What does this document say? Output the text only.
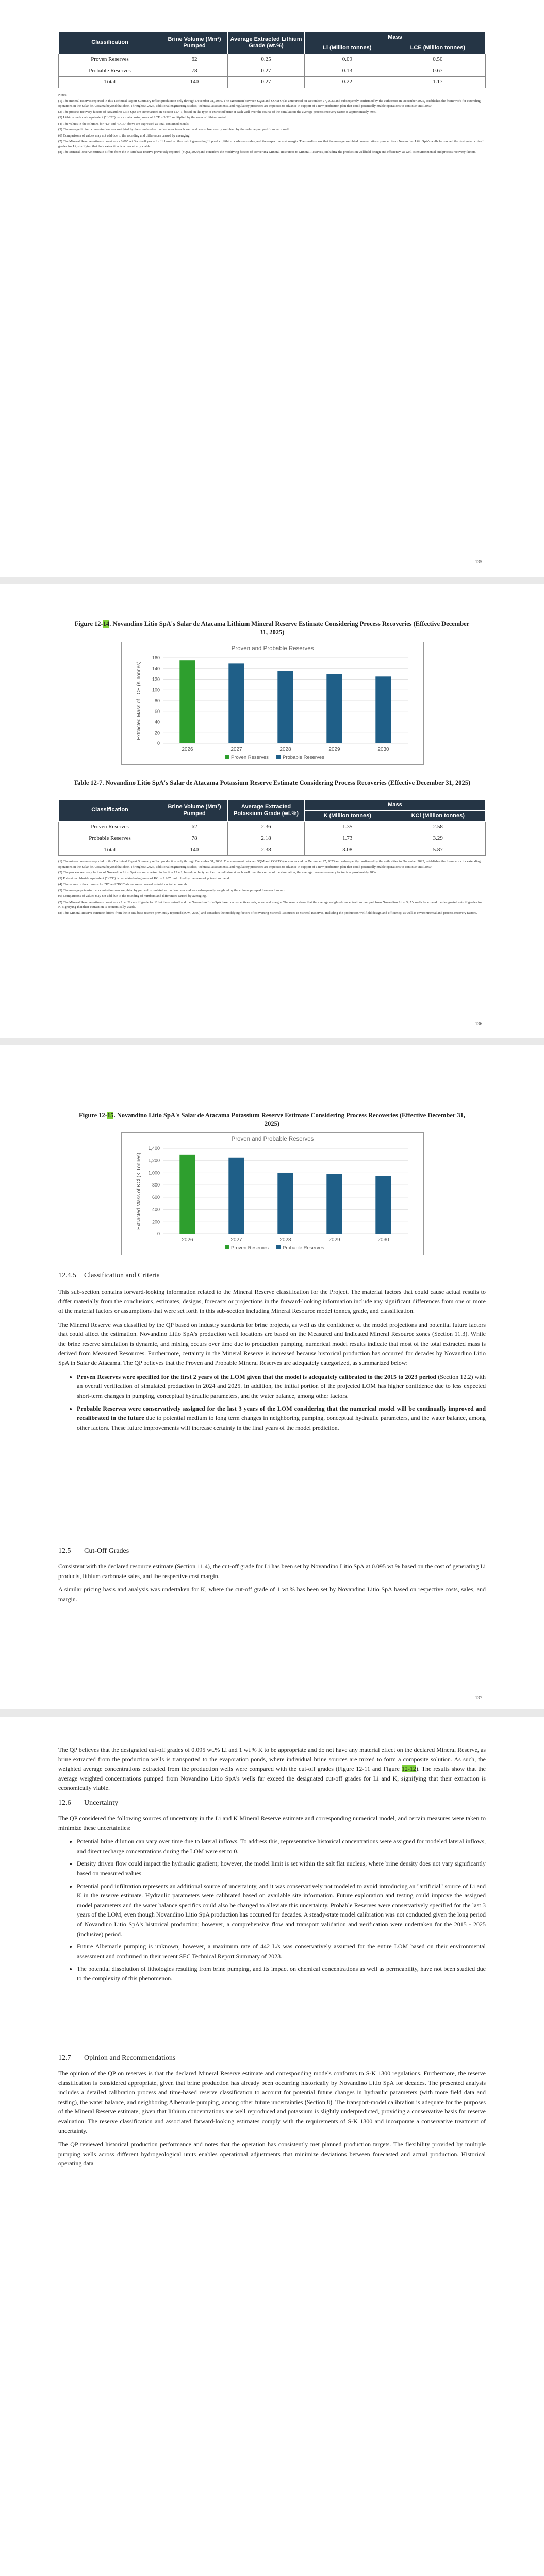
Classification	Brine Volume (Mm³) Pumped	Average Extracted Lithium Grade (wt.%)	Mass	
			Li (Million tonnes)	LCE (Million tonnes)
Proven Reserves	62	0.25	0.09	0.50
Probable Reserves	78	0.27	0.13	0.67
Total	140	0.27	0.22	1.17

Notes:

(1) The mineral reserves reported in this Technical Report Summary reflect production only through December 31, 2030. The agreement between SQM and CORFO (as announced on December 27, 2023 and subsequently confirmed by the authorities in December 2025, establishes the framework for extending operations in the Salar de Atacama beyond that date. Throughout 2026, additional engineering studies, technical assessments, and regulatory processes are expected to advance in support of a new production plan that could potentially enable operations to continue until 2060.

(2) The process recovery factors of Novandino Litio SpA are summarized in Section 12.4.1, based on the type of extracted brine at each well over the course of the simulation; the average process recovery factor is approximately 49%.

(3) Lithium carbonate equivalent ("LCE") is calculated using mass of LCE = 5.323 multiplied by the mass of lithium metal.

(4) The values in the columns for "Li" and "LCE" above are expressed as total contained metals.

(5) The average lithium concentration was weighted by the simulated extraction rates in each well and was subsequently weighted by the volume pumped from each well.

(6) Comparisons of values may not add due to the rounding and differences caused by averaging.

(7) The Mineral Reserve estimate considers a 0.095 wt.% cut-off grade for Li based on the cost of generating Li product, lithium carbonate sales, and the respective cost margin. The results show that the average weighted concentrations pumped from Novandino Litio SpA's wells far exceed the designated cut-off grades for Li, signifying that their extraction is economically viable.

(8) The Mineral Reserve estimate differs from the in-situ base reserve previously reported (SQM, 2020) and considers the modifying factors of converting Mineral Resources to Mineral Reserves, including the production wellfield design and efficiency, as well as environmental and process recovery factors.

135
Figure 12-14. Novandino Litio SpA's Salar de Atacama Lithium Mineral Reserve Estimate Considering Process Recoveries (Effective December 31, 2025)
Proven and Probable Reserves
0
20
40
60
80
100
120
140
160
Extracted Mass of LCE (K Tonnes)
2026	2027	2028	2029	2030
Proven Reserves	Probable Reserves
Table 12-7. Novandino Litio SpA's Salar de Atacama Potassium Reserve Estimate Considering Process Recoveries (Effective December 31, 2025)
Classification	Brine Volume (Mm³) Pumped	Average Extracted Potassium Grade (wt.%)	Mass	
			K (Million tonnes)	KCl (Million tonnes)
Proven Reserves	62	2.36	1.35	2.58
Probable Reserves	78	2.18	1.73	3.29
Total	140	2.38	3.08	5.87

(1) The mineral reserves reported in this Technical Report Summary reflect production only through December 31, 2030. The agreement between SQM and CORFO (as announced on December 27, 2023 and subsequently confirmed by the authorities in December 2025, establishes the framework for extending operations in the Salar de Atacama beyond that date. Throughout 2026, additional engineering studies, technical assessments, and regulatory processes are expected to advance in support of a new production plan that could potentially enable operations to continue until 2060.

(2) The process recovery factors of Novandino Litio SpA are summarized in Section 12.4.1, based on the type of extracted brine at each well over the course of the simulation; the average process recovery factor is approximately 78%.

(3) Potassium chloride equivalent ("KCl") is calculated using mass of KCl = 1.907 multiplied by the mass of potassium metal.

(4) The values in the columns for "K" and "KCl" above are expressed as total contained metals.

(5) The average potassium concentration was weighted by per well simulated extraction rates and was subsequently weighted by the volume pumped from each month.

(6) Comparisons of values may not add due to the rounding of numbers and differences caused by averaging.

(7) The Mineral Reserve estimate considers a 1 wt.% cut-off grade for K but these cut-off and the Novandino Litio SpA based on respective costs, sales, and margin. The results show that the average weighted concentrations pumped from Novandino Litio SpA's wells far exceed the designated cut-off grades for K, signifying that their extraction is economically viable.

(8) This Mineral Reserve estimate differs from the in-situ base reserve previously reported (SQM, 2020) and considers the modifying factors of converting Mineral Resources to Mineral Reserves, including the production wellfield design and efficiency, as well as environmental and process recovery factors.

136
Figure 12-15. Novandino Litio SpA's Salar de Atacama Potassium Reserve Estimate Considering Process Recoveries (Effective December 31, 2025)
Proven and Probable Reserves
0
200
400
600
800
1,000
1,200
1,400
Extracted Mass of KCl (K Tonnes)
2026	2027	2028	2029	2030
Proven Reserves	Probable Reserves
12.4.5 Classification and Criteria

This sub-section contains forward-looking information related to the Mineral Reserve classification for the Project. The material factors that could cause actual results to differ materially from the conclusions, estimates, designs, forecasts or projections in the forward-looking information include any significant differences from one or more of the material factors or assumptions that were set forth in this sub-section including Mineral Resource model tonnes, grade, and classification.

The Mineral Reserve was classified by the QP based on industry standards for brine projects, as well as the confidence of the model projections and potential future factors that could affect the estimation. Novandino Litio SpA's production well locations are based on the Measured and Indicated Mineral Resource zones (Section 11.3). While the brine reserve simulation is dynamic, and mixing occurs over time due to production pumping, numerical model results indicate that most of the total extracted mass is derived from Measured Resources. Furthermore, certainty in the Mineral Reserve is increased because historical production has occurred for decades by Novandino Litio SpA in Salar de Atacama. The QP believes that the Proven and Probable Mineral Reserves are adequately categorized, as summarized below:

• Proven Reserves were specified for the first 2 years of the LOM given that the model is adequately calibrated to the 2015 to 2023 period (Section 12.2) with an overall verification of simulated production in 2024 and 2025. In addition, the initial portion of the projected LOM has higher confidence due to less expected short-term changes in pumping, conceptual hydraulic parameters, and the water balance, among other factors.
• Probable Reserves were conservatively assigned for the last 3 years of the LOM considering that the numerical model will be continually improved and recalibrated in the future due to potential medium to long term changes in neighboring pumping, conceptual hydraulic parameters, and the water balance, among other factors. These future improvements will increase certainty in the final years of the model prediction.
12.5 Cut-Off Grades

Consistent with the declared resource estimate (Section 11.4), the cut-off grade for Li has been set by Novandino Litio SpA at 0.095 wt.% based on the cost of generating Li products, lithium carbonate sales, and the respective cost margin.

A similar pricing basis and analysis was undertaken for K, where the cut-off grade of 1 wt.% has been set by Novandino Litio SpA based on respective costs, sales, and margin.

137

The QP believes that the designated cut-off grades of 0.095 wt.% Li and 1 wt.% K to be appropriate and do not have any material effect on the declared Mineral Reserve, as brine extracted from the production wells is transported to the evaporation ponds, where individual brine sources are mixed to form a composite solution. As such, the weighted average concentrations extracted from the production wells were compared with the cut-off grades (Figure 12-11 and Figure 12-12). The results show that the average weighted concentrations pumped from Novandino Litio SpA's wells far exceed the designated cut-off grades for Li and K, signifying that their extraction is economically viable.

12.6 Uncertainty

The QP considered the following sources of uncertainty in the Li and K Mineral Reserve estimate and corresponding numerical model, and certain measures were taken to minimize these uncertainties:

• Potential brine dilution can vary over time due to lateral inflows. To address this, representative historical concentrations were assigned for modeled lateral inflows, and direct recharge concentrations during the LOM were set to 0.
• Density driven flow could impact the hydraulic gradient; however, the model limit is set within the salt flat nucleus, where brine density does not vary significantly based on measured values.
• Potential pond infiltration represents an additional source of uncertainty, and it was conservatively not modeled to avoid introducing an "artificial" source of Li and K in the reserve estimate. Hydraulic parameters were calibrated based on available site information. Future exploration and testing could improve the assigned model parameters and the water balance specifics could also be changed to alleviate this uncertainty. Probable Reserves were conservatively specified for the last 3 years of the LOM, even though Novandino Litio SpA production has occurred for decades. A steady-state model calibration was not conducted given the long period of Novandino Litio SpA's historical production; however, a comprehensive flow and transport validation and verification were undertaken for the 2015 - 2025 (inclusive) period.
• Future Albemarle pumping is unknown; however, a maximum rate of 442 L/s was conservatively assumed for the entire LOM based on their environmental assessment and confirmed in their recent SEC Technical Report Summary of 2023.
• The potential dissolution of lithologies resulting from brine pumping, and its impact on chemical concentrations as well as permeability, have not been studied due to the complexity of this phenomenon.
12.7 Opinion and Recommendations

The opinion of the QP on reserves is that the declared Mineral Reserve estimate and corresponding models conforms to S-K 1300 regulations. Furthermore, the reserve classification is considered appropriate, given that brine production has already been occurring historically by Novandino Litio SpA for decades. The presented analysis includes a detailed calibration process and time-based reserve classification to account for potential future changes in hydraulic parameters (with more field data and testing), the water balance, and neighboring Albemarle pumping, among other future uncertainties (Section 8). The transport-model calibration is adequate for the purposes of the Mineral Reserve estimate, given that lithium concentrations are well reproduced and potassium is slightly underpredicted, providing a conservative basis for reserve evaluation. The reserve classification and associated forward-looking estimates comply with the requirements of S-K 1300 and incorporate a conservative treatment of uncertainty.

The QP reviewed historical production performance and notes that the operation has consistently met planned production targets. The flexibility provided by multiple pumping wells across different hydrogeological units enables operational adjustments that minimize deviations between forecasted and actual production. Historical operating data
